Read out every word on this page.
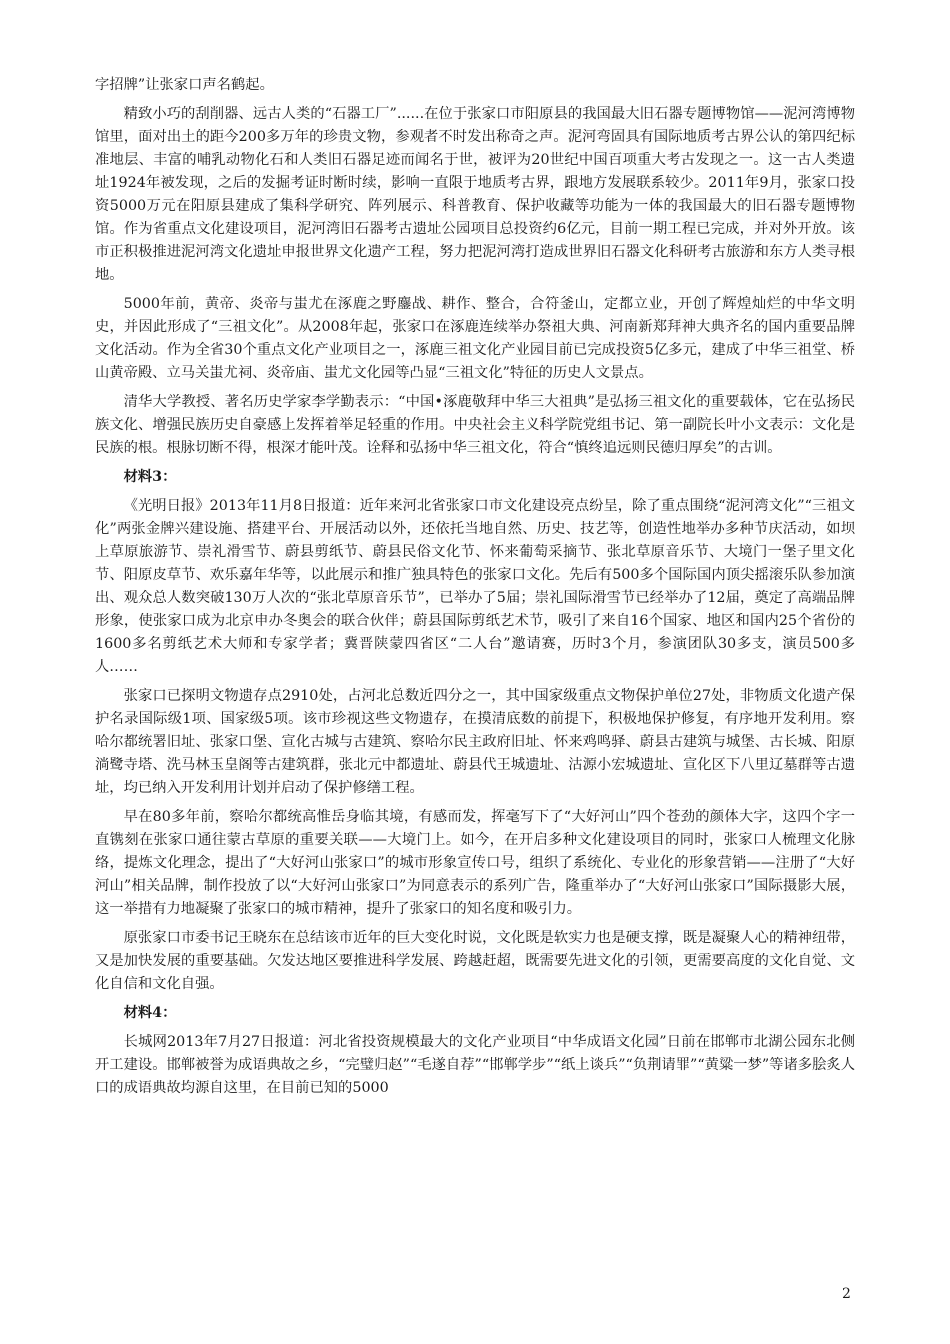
字招牌”让张家口声名鹤起。

精致小巧的刮削器、远古人类的“石器工厂”......在位于张家口市阳原县的我国最大旧石器专题博物馆——泥河湾博物馆里，面对出土的距今200多万年的珍贵文物，参观者不时发出称奇之声。泥河弯固具有国际地质考古界公认的第四纪标准地层、丰富的哺乳动物化石和人类旧石器足迹而闻名于世，被评为20世纪中国百项重大考古发现之一。这一古人类遗址1924年被发现，之后的发掘考证时断时续，影响一直限于地质考古界，跟地方发展联系较少。2011年9月，张家口投资5000万元在阳原县建成了集科学研究、阵列展示、科普教育、保护收藏等功能为一体的我国最大的旧石器专题博物馆。作为省重点文化建设项目，泥河湾旧石器考古遗址公园项目总投资约6亿元，目前一期工程已完成，并对外开放。该市正积极推进泥河湾文化遗址申报世界文化遗产工程，努力把泥河湾打造成世界旧石器文化科研考古旅游和东方人类寻根地。

5000年前，黄帝、炎帝与蚩尤在涿鹿之野鏖战、耕作、整合，合符釜山，定都立业，开创了辉煌灿烂的中华文明史，并因此形成了“三祖文化”。从2008年起，张家口在涿鹿连续举办祭祖大典、河南新郑拜神大典齐名的国内重要品牌文化活动。作为全省30个重点文化产业项目之一，涿鹿三祖文化产业园目前已完成投资5亿多元，建成了中华三祖堂、桥山黄帝殿、立马关蚩尤祠、炎帝庙、蚩尤文化园等凸显“三祖文化”特征的历史人文景点。

清华大学教授、著名历史学家李学勤表示：“中国•涿鹿敬拜中华三大祖典”是弘扬三祖文化的重要载体，它在弘扬民族文化、增强民族历史自豪感上发挥着举足轻重的作用。中央社会主义科学院党组书记、第一副院长叶小文表示：文化是民族的根。根脉切断不得，根深才能叶茂。诠释和弘扬中华三祖文化，符合“慎终追远则民德归厚矣”的古训。

材料3：

《光明日报》2013年11月8日报道：近年来河北省张家口市文化建设亮点纷呈，除了重点围绕“泥河湾文化”“三祖文化”两张金牌兴建设施、搭建平台、开展活动以外，还依托当地自然、历史、技艺等，创造性地举办多种节庆活动，如坝上草原旅游节、崇礼滑雪节、蔚县剪纸节、蔚县民俗文化节、怀来葡萄采摘节、张北草原音乐节、大境门一堡子里文化节、阳原皮草节、欢乐嘉年华等，以此展示和推广独具特色的张家口文化。先后有500多个国际国内顶尖摇滚乐队参加演出、观众总人数突破130万人次的“张北草原音乐节”，已举办了5届；崇礼国际滑雪节已经举办了12届，奠定了高端品牌形象，使张家口成为北京申办冬奥会的联合伙伴；蔚县国际剪纸艺术节，吸引了来自16个国家、地区和国内25个省份的1600多名剪纸艺术大师和专家学者；冀晋陕蒙四省区“二人台”邀请赛，历时3个月，参演团队30多支，演员500多人……

张家口已探明文物遗存点2910处，占河北总数近四分之一，其中国家级重点文物保护单位27处，非物质文化遗产保护名录国际级1项、国家级5项。该市珍视这些文物遗存，在摸清底数的前提下，积极地保护修复，有序地开发利用。察哈尔都统署旧址、张家口堡、宣化古城与古建筑、察哈尔民主政府旧址、怀来鸡鸣驿、蔚县古建筑与城堡、古长城、阳原淌鹭寺塔、洗马林玉皇阁等古建筑群，张北元中都遗址、蔚县代王城遗址、沽源小宏城遗址、宣化区下八里辽墓群等古遗址，均已纳入开发利用计划并启动了保护修缮工程。

早在80多年前，察哈尔都统高惟岳身临其境，有感而发，挥毫写下了“大好河山”四个苍劲的颜体大字，这四个字一直镌刻在张家口通往蒙古草原的重要关联——大境门上。如今，在开启多种文化建设项目的同时，张家口人梳理文化脉络，提炼文化理念，提出了“大好河山张家口”的城市形象宣传口号，组织了系统化、专业化的形象营销——注册了“大好河山”相关品牌，制作投放了以“大好河山张家口”为同意表示的系列广告，隆重举办了“大好河山张家口”国际摄影大展，这一举措有力地凝聚了张家口的城市精神，提升了张家口的知名度和吸引力。

原张家口市委书记王晓东在总结该市近年的巨大变化时说，文化既是软实力也是硬支撑，既是凝聚人心的精神纽带，又是加快发展的重要基础。欠发达地区要推进科学发展、跨越赶超，既需要先进文化的引领，更需要高度的文化自觉、文化自信和文化自强。

材料4：

长城网2013年7月27日报道：河北省投资规模最大的文化产业项目“中华成语文化园”日前在邯郸市北湖公园东北侧开工建设。邯郸被誉为成语典故之乡，“完璧归赵”“毛遂自荐”“邯郸学步”“纸上谈兵”“负荆请罪”“黄粱一梦”等诸多脍炙人口的成语典故均源自这里，在目前已知的5000

2
